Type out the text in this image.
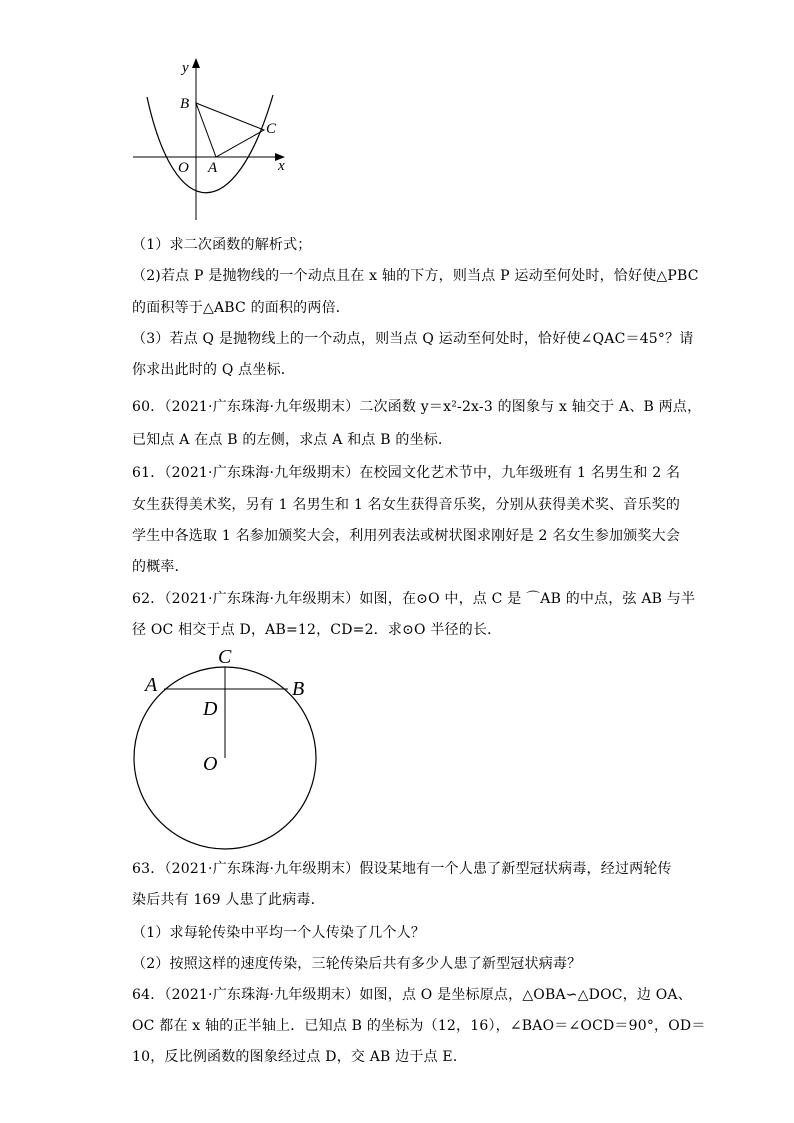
y
x
B
C
O A
（1）求二次函数的解析式；
（2)若点 P 是抛物线的一个动点且在 x 轴的下方，则当点 P 运动至何处时，恰好使△PBC
的面积等于△ABC 的面积的两倍．
（3）若点 Q 是抛物线上的一个动点，则当点 Q 运动至何处时，恰好使∠QAC＝45°？请
你求出此时的 Q 点坐标．
60．（2021·广东珠海·九年级期末）二次函数 y＝x²-2x-3 的图象与 x 轴交于 A、B 两点，
已知点 A 在点 B 的左侧，求点 A 和点 B 的坐标．
61．（2021·广东珠海·九年级期末）在校园文化艺术节中，九年级班有 1 名男生和 2 名
女生获得美术奖，另有 1 名男生和 1 名女生获得音乐奖，分别从获得美术奖、音乐奖的
学生中各选取 1 名参加颁奖大会，利用列表法或树状图求刚好是 2 名女生参加颁奖大会
的概率．
62．（2021·广东珠海·九年级期末）如图，在⊙O 中，点 C 是 ⌒AB 的中点，弦 AB 与半
径 OC 相交于点 D，AB=12，CD=2．求⊙O 半径的长．
C
A	B
D
O
63．（2021·广东珠海·九年级期末）假设某地有一个人患了新型冠状病毒，经过两轮传
染后共有 169 人患了此病毒．
（1）求每轮传染中平均一个人传染了几个人？
（2）按照这样的速度传染，三轮传染后共有多少人患了新型冠状病毒？
64．（2021·广东珠海·九年级期末）如图，点 O 是坐标原点，△OBA∽△DOC，边 OA、
OC 都在 x 轴的正半轴上．已知点 B 的坐标为（12，16），∠BAO＝∠OCD＝90°，OD＝
10，反比例函数的图象经过点 D，交 AB 边于点 E．
